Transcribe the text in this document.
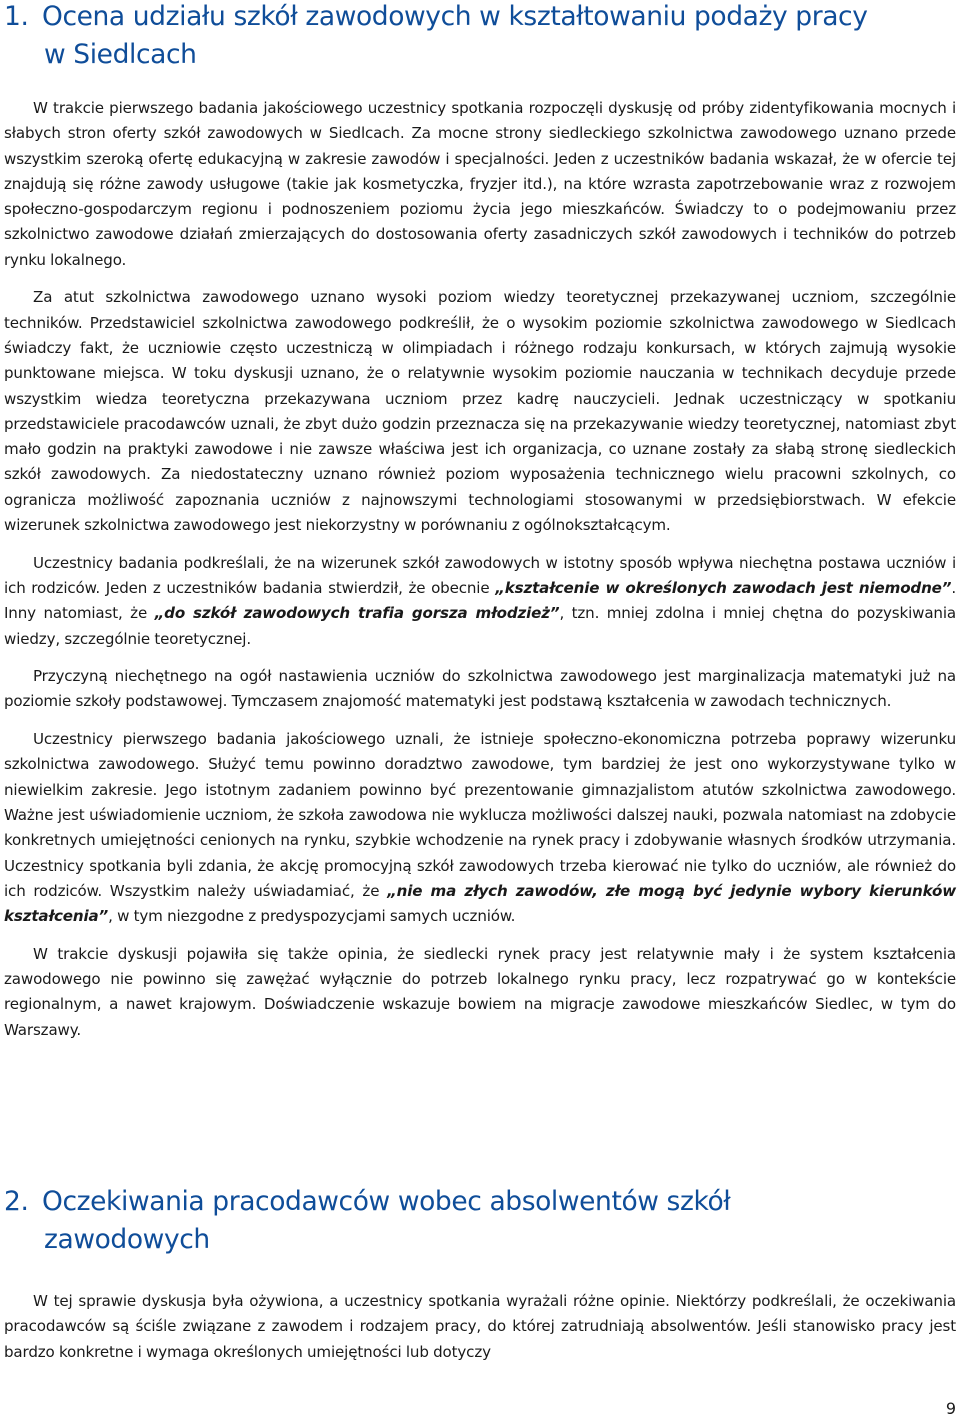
1. Ocena udziału szkół zawodowych w kształtowaniu podaży pracy
w Siedlcach

W trakcie pierwszego badania jakościowego uczestnicy spotkania rozpoczęli dyskusję od próby zidentyfikowania mocnych i słabych stron oferty szkół zawodowych w Siedlcach. Za mocne strony siedleckiego szkolnictwa zawodowego uznano przede wszystkim szeroką ofertę edukacyjną w zakresie zawodów i specjalności. Jeden z uczestników badania wskazał, że w ofercie tej znajdują się różne zawody usługowe (takie jak kosmetyczka, fryzjer itd.), na które wzrasta zapotrzebowanie wraz z rozwojem społeczno-gospodarczym regionu i podnoszeniem poziomu życia jego mieszkańców. Świadczy to o podejmowaniu przez szkolnictwo zawodowe działań zmierzających do dostosowania oferty zasadniczych szkół zawodowych i techników do potrzeb rynku lokalnego.

Za atut szkolnictwa zawodowego uznano wysoki poziom wiedzy teoretycznej przekazywanej uczniom, szczególnie techników. Przedstawiciel szkolnictwa zawodowego podkreślił, że o wysokim poziomie szkolnictwa zawodowego w Siedlcach świadczy fakt, że uczniowie często uczestniczą w olimpiadach i różnego rodzaju konkursach, w których zajmują wysokie punktowane miejsca. W toku dyskusji uznano, że o relatywnie wysokim poziomie nauczania w technikach decyduje przede wszystkim wiedza teoretyczna przekazywana uczniom przez kadrę nauczycieli. Jednak uczestniczący w spotkaniu przedstawiciele pracodawców uznali, że zbyt dużo godzin przeznacza się na przekazywanie wiedzy teoretycznej, natomiast zbyt mało godzin na praktyki zawodowe i nie zawsze właściwa jest ich organizacja, co uznane zostały za słabą stronę siedleckich szkół zawodowych. Za niedostateczny uznano również poziom wyposażenia technicznego wielu pracowni szkolnych, co ogranicza możliwość zapoznania uczniów z najnowszymi technologiami stosowanymi w przedsiębiorstwach. W efekcie wizerunek szkolnictwa zawodowego jest niekorzystny w porównaniu z ogólnokształcącym.

Uczestnicy badania podkreślali, że na wizerunek szkół zawodowych w istotny sposób wpływa niechętna postawa uczniów i ich rodziców. Jeden z uczestników badania stwierdził, że obecnie „kształcenie w określonych zawodach jest niemodne”. Inny natomiast, że „do szkół zawodowych trafia gorsza młodzież”, tzn. mniej zdolna i mniej chętna do pozyskiwania wiedzy, szczególnie teoretycznej.

Przyczyną niechętnego na ogół nastawienia uczniów do szkolnictwa zawodowego jest marginalizacja matematyki już na poziomie szkoły podstawowej. Tymczasem znajomość matematyki jest podstawą kształcenia w zawodach technicznych.

Uczestnicy pierwszego badania jakościowego uznali, że istnieje społeczno-ekonomiczna potrzeba poprawy wizerunku szkolnictwa zawodowego. Służyć temu powinno doradztwo zawodowe, tym bardziej że jest ono wykorzystywane tylko w niewielkim zakresie. Jego istotnym zadaniem powinno być prezentowanie gimnazjalistom atutów szkolnictwa zawodowego. Ważne jest uświadomienie uczniom, że szkoła zawodowa nie wyklucza możliwości dalszej nauki, pozwala natomiast na zdobycie konkretnych umiejętności cenionych na rynku, szybkie wchodzenie na rynek pracy i zdobywanie własnych środków utrzymania. Uczestnicy spotkania byli zdania, że akcję promocyjną szkół zawodowych trzeba kierować nie tylko do uczniów, ale również do ich rodziców. Wszystkim należy uświadamiać, że „nie ma złych zawodów, złe mogą być jedynie wybory kierunków kształcenia”, w tym niezgodne z predyspozycjami samych uczniów.

W trakcie dyskusji pojawiła się także opinia, że siedlecki rynek pracy jest relatywnie mały i że system kształcenia zawodowego nie powinno się zawężać wyłącznie do potrzeb lokalnego rynku pracy, lecz rozpatrywać go w kontekście regionalnym, a nawet krajowym. Doświadczenie wskazuje bowiem na migracje zawodowe mieszkańców Siedlec, w tym do Warszawy.

2. Oczekiwania pracodawców wobec absolwentów szkół
zawodowych

W tej sprawie dyskusja była ożywiona, a uczestnicy spotkania wyrażali różne opinie. Niektórzy podkreślali, że oczekiwania pracodawców są ściśle związane z zawodem i rodzajem pracy, do której zatrudniają absolwentów. Jeśli stanowisko pracy jest bardzo konkretne i wymaga określonych umiejętności lub dotyczy

9
